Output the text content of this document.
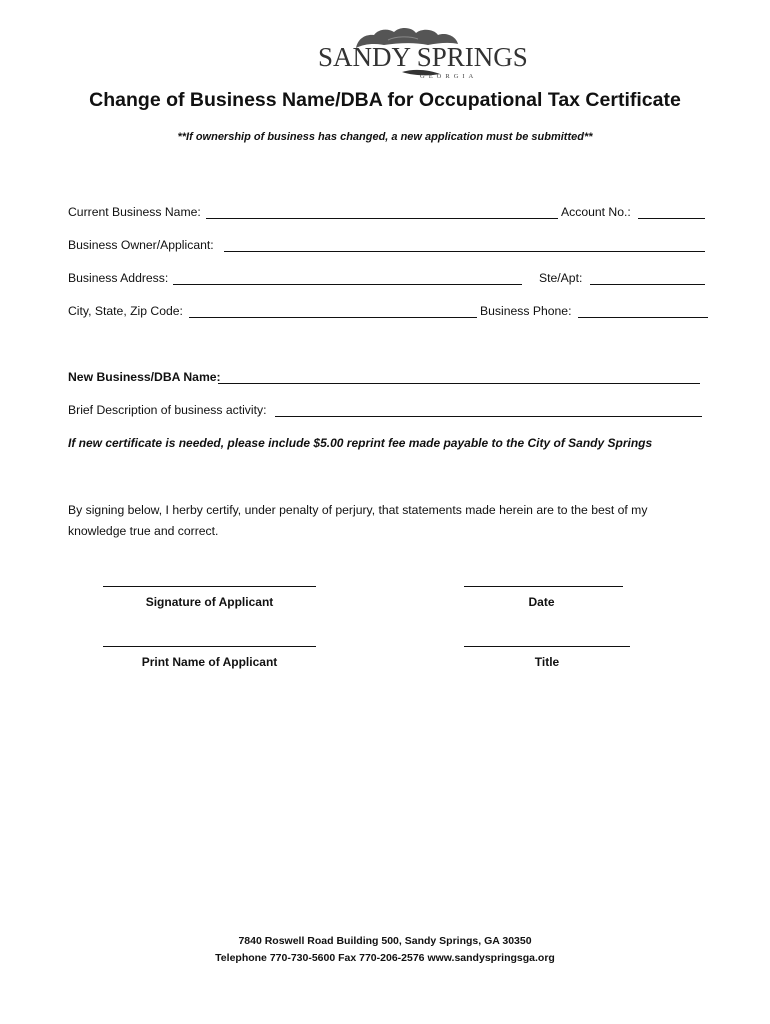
SANDY SPRINGS
GEORGIA
Change of Business Name/DBA for Occupational Tax Certificate
**If ownership of business has changed, a new application must be submitted**
Current Business Name:	Account No.:
Business Owner/Applicant:
Business Address:	Ste/Apt:
City, State, Zip Code:	Business Phone:
New Business/DBA Name:
Brief Description of business activity:
If new certificate is needed, please include $5.00 reprint fee made payable to the City of Sandy Springs
By signing below, I herby certify, under penalty of perjury, that statements made herein are to the best of my knowledge true and correct.
Signature of Applicant	Date
Print Name of Applicant	Title
7840 Roswell Road Building 500, Sandy Springs, GA 30350
Telephone 770-730-5600 Fax 770-206-2576 www.sandyspringsga.org
